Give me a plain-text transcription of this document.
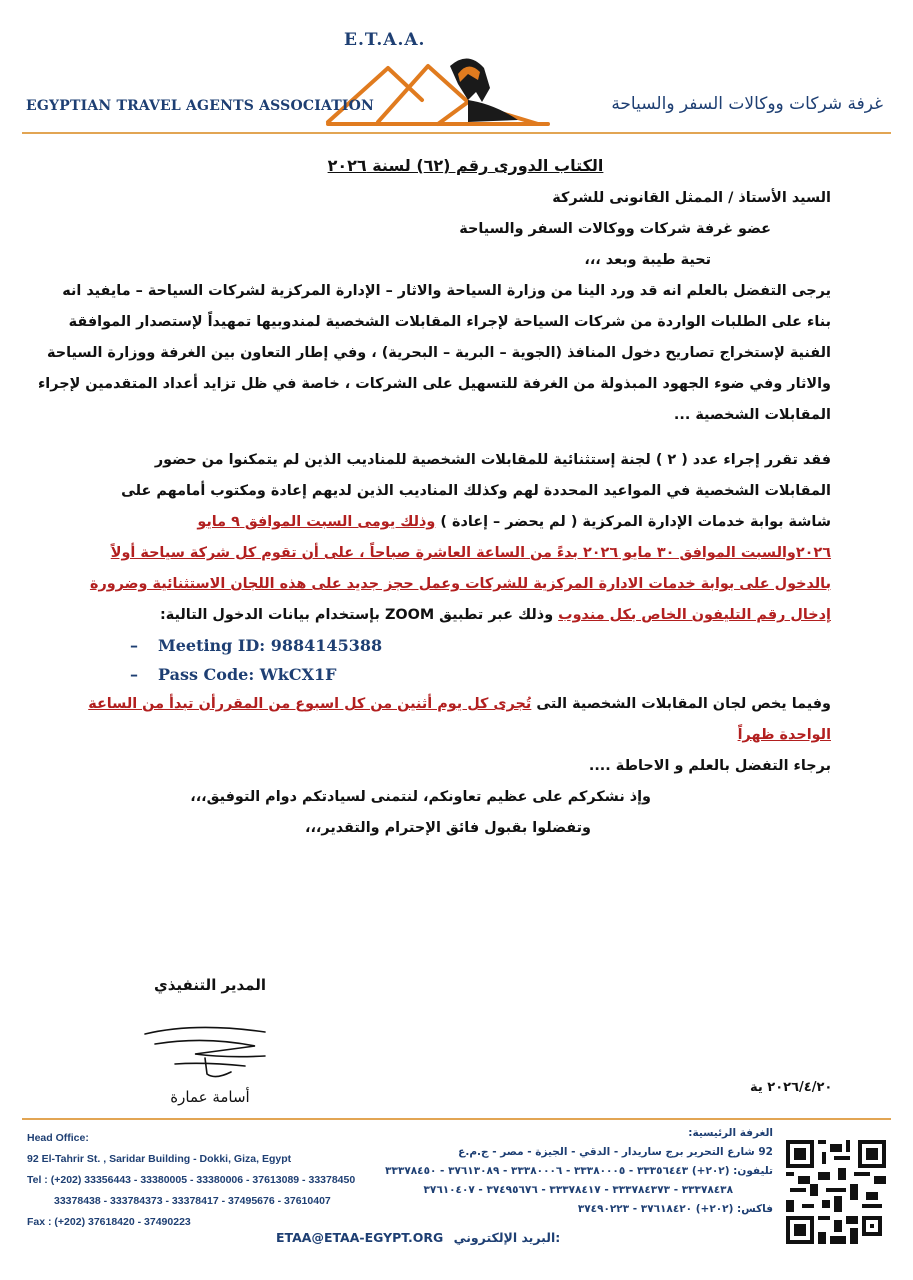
E.T.A.A.
EGYPTIAN TRAVEL AGENTS ASSOCIATION	غرفة شركات ووكالات السفر والسياحة

الكتاب الدورى رقم (٦٢) لسنة ٢٠٢٦

السيد الأستاذ / الممثل القانونى للشركة

عضو غرفة شركات ووكالات السفر والسياحة

تحية طيبة وبعد ،،،

يرجى التفضل بالعلم انه قد ورد الينا من وزارة السياحة والاثار – الإدارة المركزية لشركات السياحة – مايفيد انه

بناء على الطلبات الواردة من شركات السياحة لإجراء المقابلات الشخصية لمندوبيها تمهيداً لإستصدار الموافقة

الفنية لإستخراج تصاريح دخول المنافذ (الجوية – البرية – البحرية) ، وفي إطار التعاون بين الغرفة ووزارة السياحة

والاثار وفي ضوء الجهود المبذولة من الغرفة للتسهيل على الشركات ، خاصة في ظل تزايد أعداد المتقدمين لإجراء

المقابلات الشخصية ...

فقد تقرر إجراء عدد ( ٢ ) لجنة إستثنائية للمقابلات الشخصية للمناديب الذين لم يتمكنوا من حضور

المقابلات الشخصية في المواعيد المحددة لهم وكذلك المناديب الذين لديهم إعادة ومكتوب أمامهم على

شاشة بوابة خدمات الإدارة المركزية ( لم يحضر – إعادة ) وذلك يومى السبت الموافق ٩ مايو

٢٠٢٦والسبت الموافق ٣٠ مايو ٢٠٢٦ بدءً من الساعة العاشرة صباحاً ، على أن تقوم كل شركة سياحة أولاً

بالدخول على بوابة خدمات الادارة المركزية للشركات وعمل حجز جديد على هذه اللجان الاستثنائية وضرورة

إدخال رقم التليفون الخاص بكل مندوب وذلك عبر تطبيق ZOOM بإستخدام بيانات الدخول التالية:

– Meeting ID: 9884145388

– Pass Code: WkCX1F

وفيما يخص لجان المقابلات الشخصية التى تُجرى كل يوم أثنين من كل اسبوع من المقررأن تبدأ من الساعة

الواحدة ظهراً

برجاء التفضل بالعلم و الاحاطة ....

وإذ نشكركم على عظيم تعاونكم، لنتمنى لسيادتكم دوام التوفيق،،،

وتفضلوا بقبول فائق الإحترام والتقدير،،،

المدير التنفيذي
أسامة عمارة
٢٠٢٦/٤/٢٠ ية
Head Office:
92 El-Tahrir St. , Saridar Building - Dokki, Giza, Egypt
Tel : (+202) 33356443 - 33380005 - 33380006 - 37613089 - 33378450
33378438 - 333784373 - 33378417 - 37495676 - 37610407
Fax : (+202) 37618420 - 37490223
الغرفة الرئيسية:
92 شارع التحرير برج ساريدار - الدقي - الجيزة - مصر - ج.م.ع
تليفون: (٢٠٢+) ٣٣٣٥٦٤٤٣ - ٣٣٣٨٠٠٠٥ - ٣٣٣٨٠٠٠٦ - ٣٧٦١٣٠٨٩ - ٣٣٣٧٨٤٥٠
٣٣٣٧٨٤٣٨ - ٣٣٣٧٨٤٣٧٣ - ٣٣٣٧٨٤١٧ - ٣٧٤٩٥٦٧٦ - ٣٧٦١٠٤٠٧
فاكس: (٢٠٢+) ٣٧٦١٨٤٢٠ - ٣٧٤٩٠٢٢٣
ETAA@ETAA-EGYPT.ORG البريد الإلكتروني:
